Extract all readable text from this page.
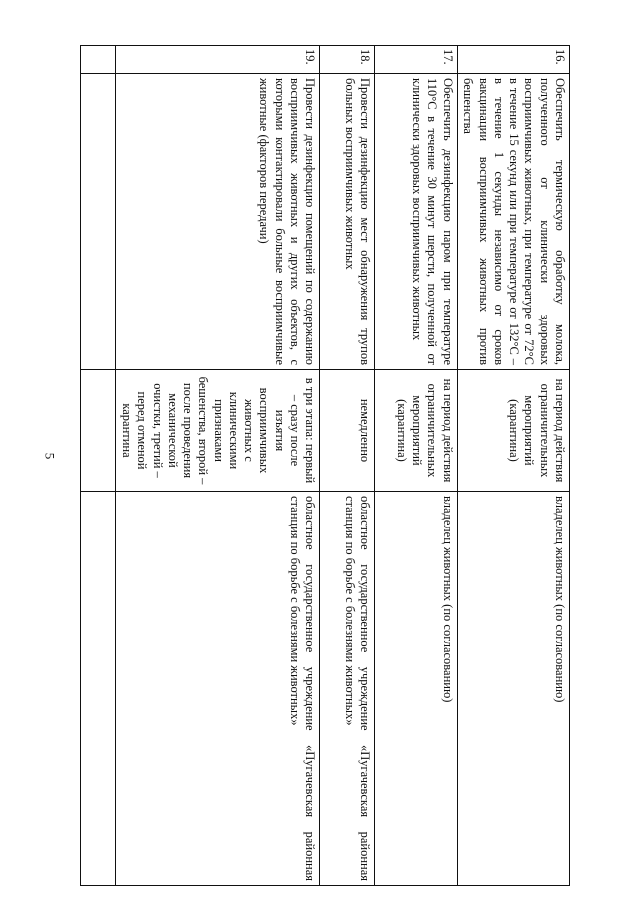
5
16.	Обеспечить термическую обработку молока, полученного от клинически здоровых восприимчивых животных, при температуре от 72°С в течение 15 секунд или при температуре от 132°С – в течение 1 секунды независимо от сроков вакцинации восприимчивых животных против бешенства	на период действия ограничительных мероприятий (карантина)	владелец животных (по согласованию)
17.	Обеспечить дезинфекцию паром при температуре 110°С в течение 30 минут шерсти, полученной от клинически здоровых восприимчивых животных	на период действия ограничительных мероприятий (карантина)	владелец животных (по согласованию)
18.	Провести дезинфекцию мест обнаружения трупов больных восприимчивых животных	немедленно	областное государственное учреждение «Пугачевская районная станция по борьбе с болезнями животных»
19.	Провести дезинфекцию помещений по содержанию восприимчивых животных и других объектов, с которыми контактировали больные восприимчивые животные (факторов передачи)	в три этапа: первый – сразу после изъятия восприимчивых животных с клиническими признаками бешенства, второй – после проведения механической очистки, третий – перед отменой карантина	областное государственное учреждение «Пугачевская районная станция по борьбе с болезнями животных»
